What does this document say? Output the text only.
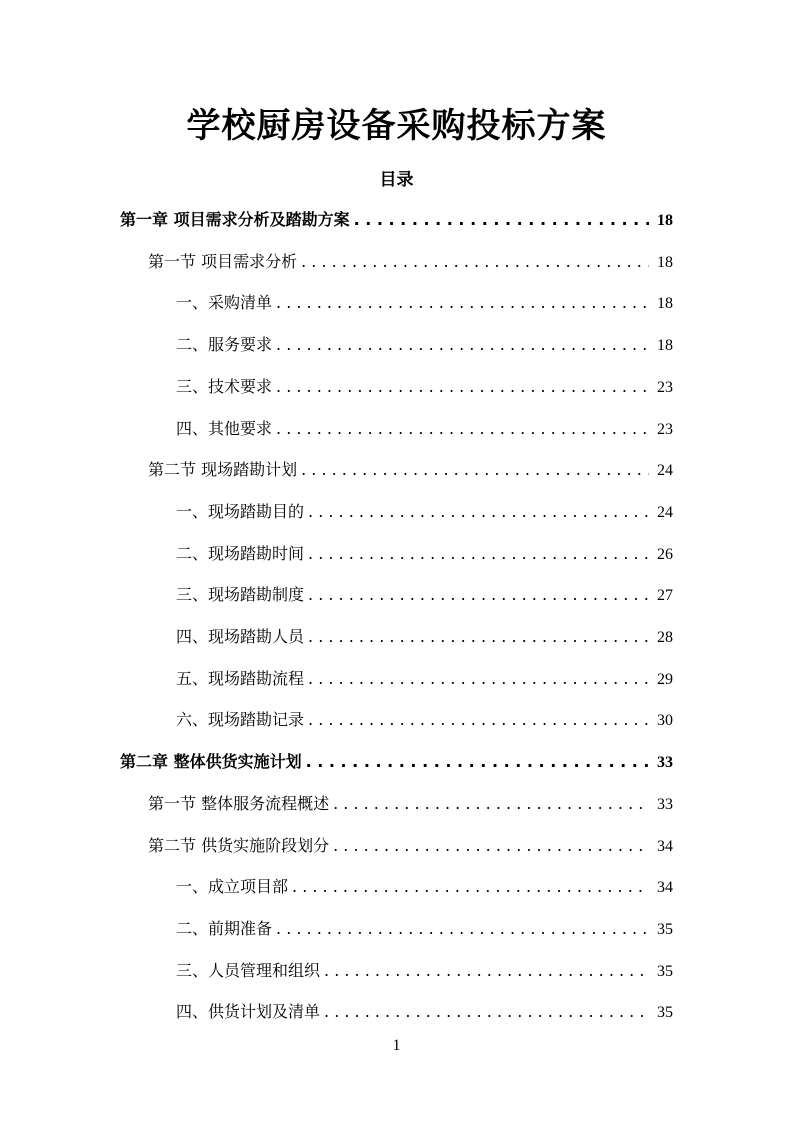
学校厨房设备采购投标方案
目录
第一章 项目需求分析及踏勘方案 . . .	18
第一节 项目需求分析 . . .	18
一、采购清单 . . .	18
二、服务要求 . . .	18
三、技术要求 . . .	23
四、其他要求 . . .	23
第二节 现场踏勘计划 . . .	24
一、现场踏勘目的 . . .	24
二、现场踏勘时间 . . .	26
三、现场踏勘制度 . . .	27
四、现场踏勘人员 . . .	28
五、现场踏勘流程 . . .	29
六、现场踏勘记录 . . .	30
第二章 整体供货实施计划 . . .	33
第一节 整体服务流程概述 . . .	33
第二节 供货实施阶段划分 . . .	34
一、成立项目部 . . .	34
二、前期准备 . . .	35
三、人员管理和组织 . . .	35
四、供货计划及清单 . . .	35
1
